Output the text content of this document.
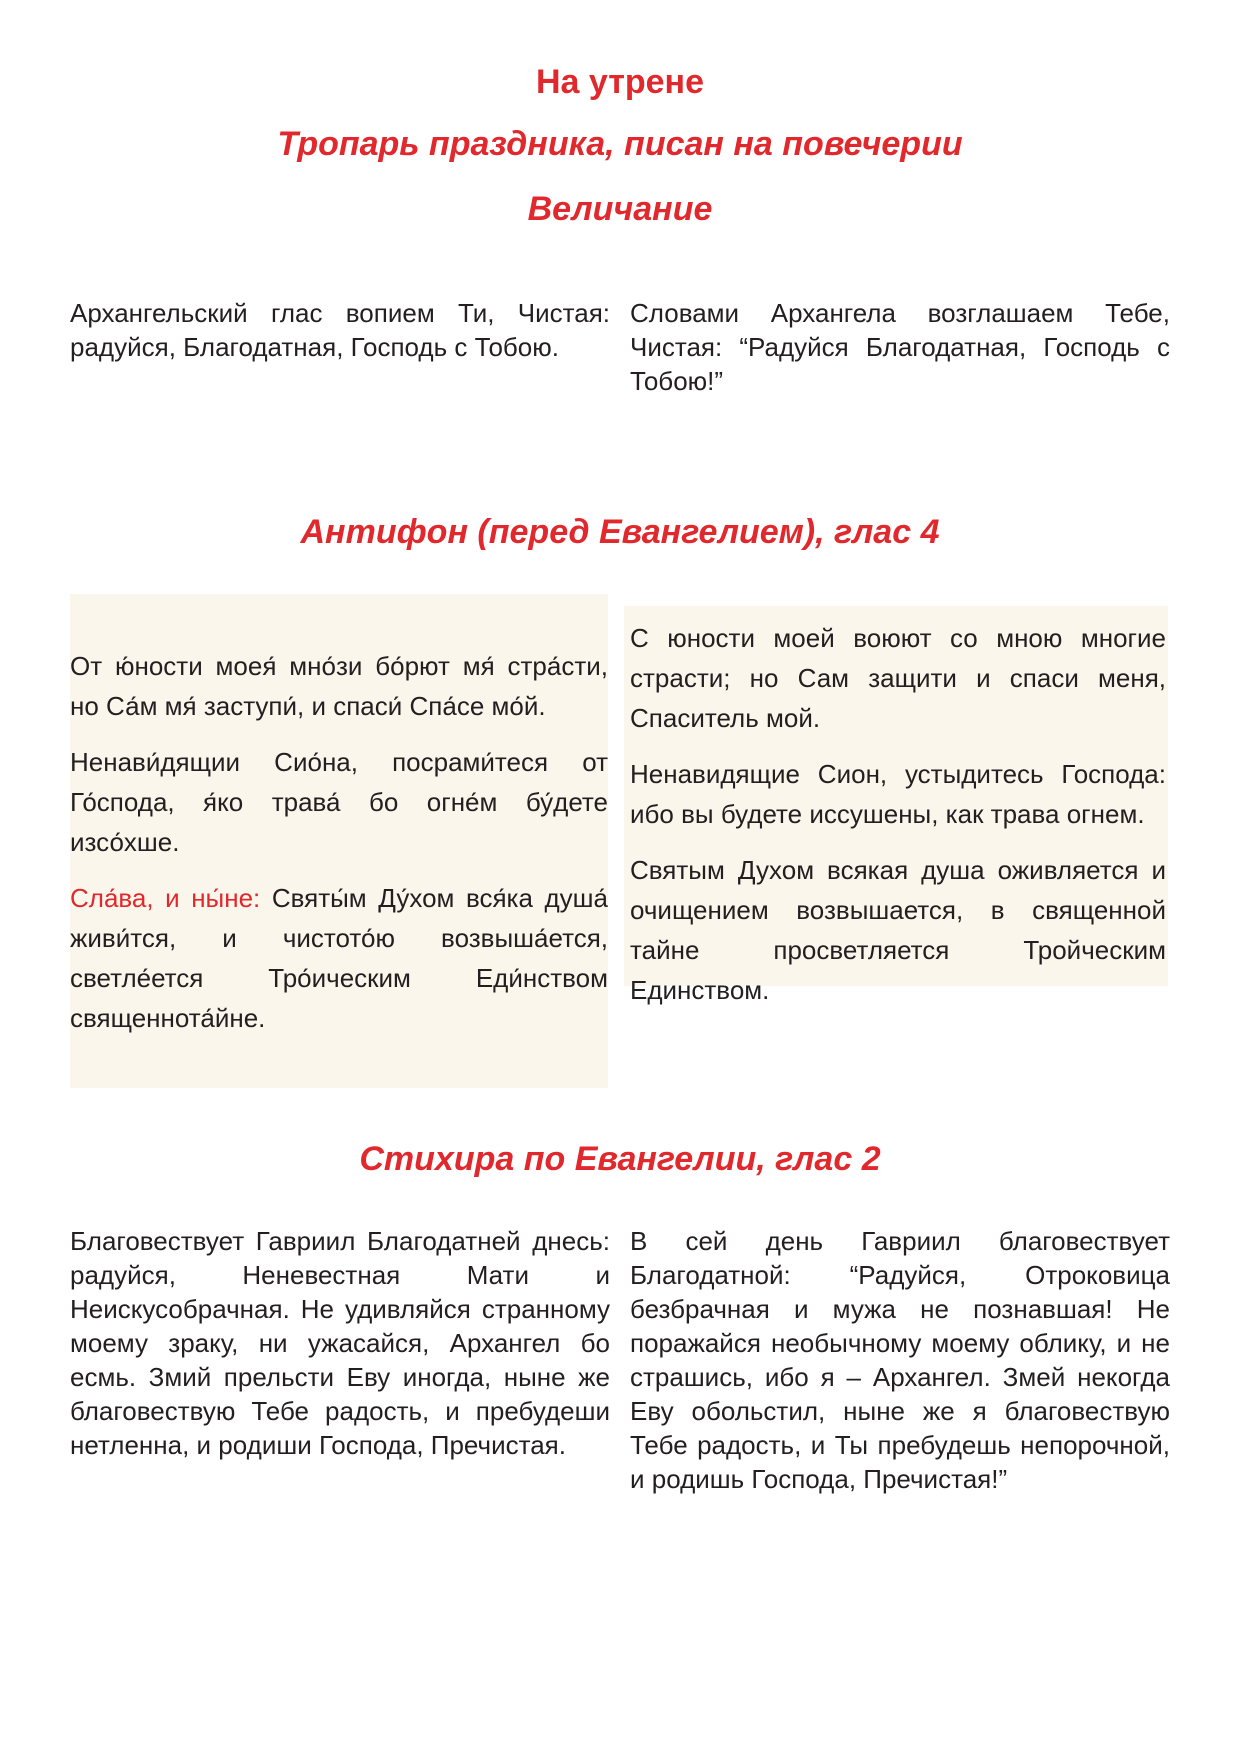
На утрене
Тропарь праздника, писан на повечерии
Величание

Архангельский глас вопием Ти, Чистая: радуйся, Благодатная, Господь с Тобою.

Словами Архангела возглашаем Тебе, Чистая: “Радуйся Благодатная, Господь с Тобою!”

Антифон (перед Евангелием), глас 4

От ю́ности моея́ мно́зи бо́рют мя́ стра́сти, но Са́м мя́ заступи́, и спаси́ Спа́се мо́й.

Ненави́дящии Сио́на, посрами́теся от Го́спода, я́ко трава́ бо огне́м бу́дете изсо́хше.

Сла́ва, и ны́не: Святы́м Ду́хом вся́ка душа́ живи́тся, и чистото́ю возвыша́ется, светле́ется Тро́ическим Еди́нством священнота́йне.

С юности моей воюют со мною многие страсти; но Сам защити и спаси меня, Спаситель мой.

Ненавидящие Сион, устыдитесь Господа: ибо вы будете иссушены, как трава огнем.

Святым Духом всякая душа оживляется и очищением возвышается, в священной тайне просветляется Тройческим Единством.

Стихира по Евангелии, глас 2

Благовествует Гавриил Благодатней днесь: радуйся, Неневестная Мати и Неискусобрачная. Не удивляйся странному моему зраку, ни ужасайся, Архангел бо есмь. Змий прельсти Еву иногда, ныне же благовествую Тебе радость, и пребудеши нетленна, и родиши Господа, Пречистая.

В сей день Гавриил благовествует Благодатной: “Радуйся, Отроковица безбрачная и мужа не познавшая! Не поражайся необычному моему облику, и не страшись, ибо я – Архангел. Змей некогда Еву обольстил, ныне же я благовествую Тебе радость, и Ты пребудешь непорочной, и родишь Господа, Пречистая!”
